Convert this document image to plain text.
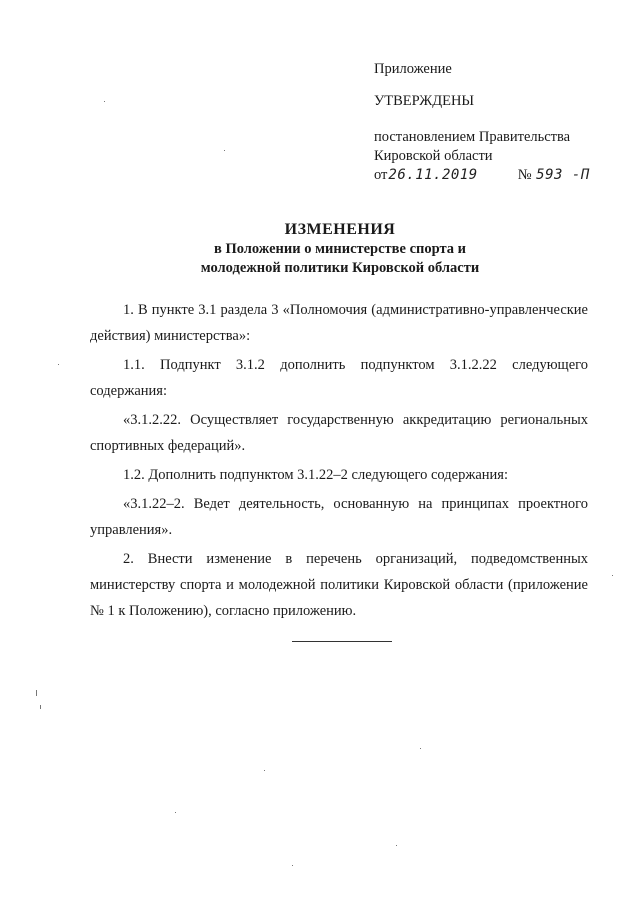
Приложение
УТВЕРЖДЕНЫ
постановлением Правительства
Кировской области
от26.11.2019	№ 593 -П
ИЗМЕНЕНИЯ
в Положении о министерстве спорта и
молодежной политики Кировской области

1. В пункте 3.1 раздела 3 «Полномочия (административно-управленческие действия) министерства»:

1.1. Подпункт 3.1.2 дополнить подпунктом 3.1.2.22 следующего содержания:

«3.1.2.22. Осуществляет государственную аккредитацию региональных спортивных федераций».

1.2. Дополнить подпунктом 3.1.22–2 следующего содержания:

«3.1.22–2. Ведет деятельность, основанную на принципах проектного управления».

2. Внести изменение в перечень организаций, подведомственных министерству спорта и молодежной политики Кировской области (приложение № 1 к Положению), согласно приложению.
